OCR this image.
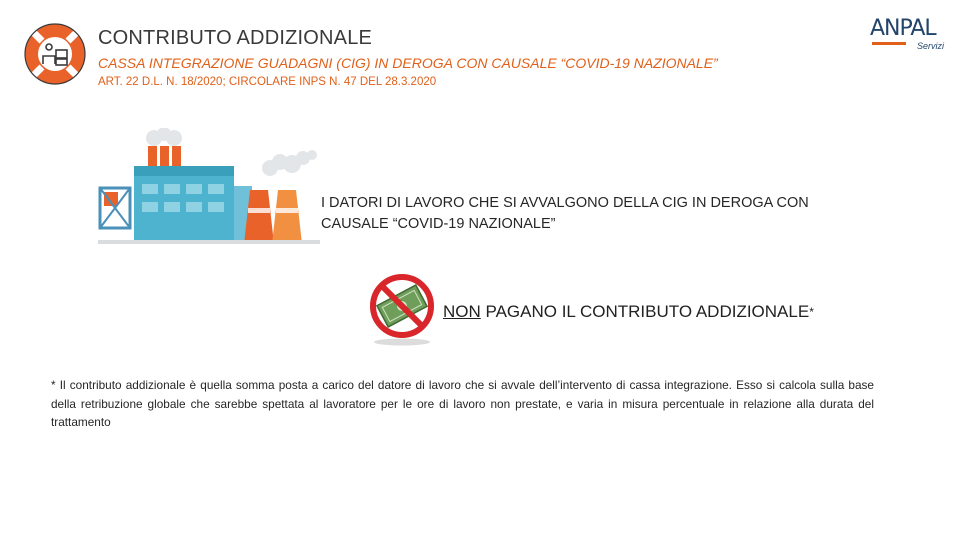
CONTRIBUTO ADDIZIONALE
CASSA INTEGRAZIONE GUADAGNI (CIG) IN DEROGA CON CAUSALE “COVID-19 NAZIONALE”
ART. 22 D.L. N. 18/2020; CIRCOLARE INPS N. 47 DEL 28.3.2020
ANPAL
Servizi
I DATORI DI LAVORO CHE SI AVVALGONO DELLA CIG IN DEROGA CON CAUSALE “COVID-19 NAZIONALE”
NON PAGANO IL CONTRIBUTO ADDIZIONALE*
* Il contributo addizionale è quella somma posta a carico del datore di lavoro che si avvale dell’intervento di cassa integrazione. Esso si calcola sulla base della retribuzione globale che sarebbe spettata al lavoratore per le ore di lavoro non prestate, e varia in misura percentuale in relazione alla durata del trattamento
